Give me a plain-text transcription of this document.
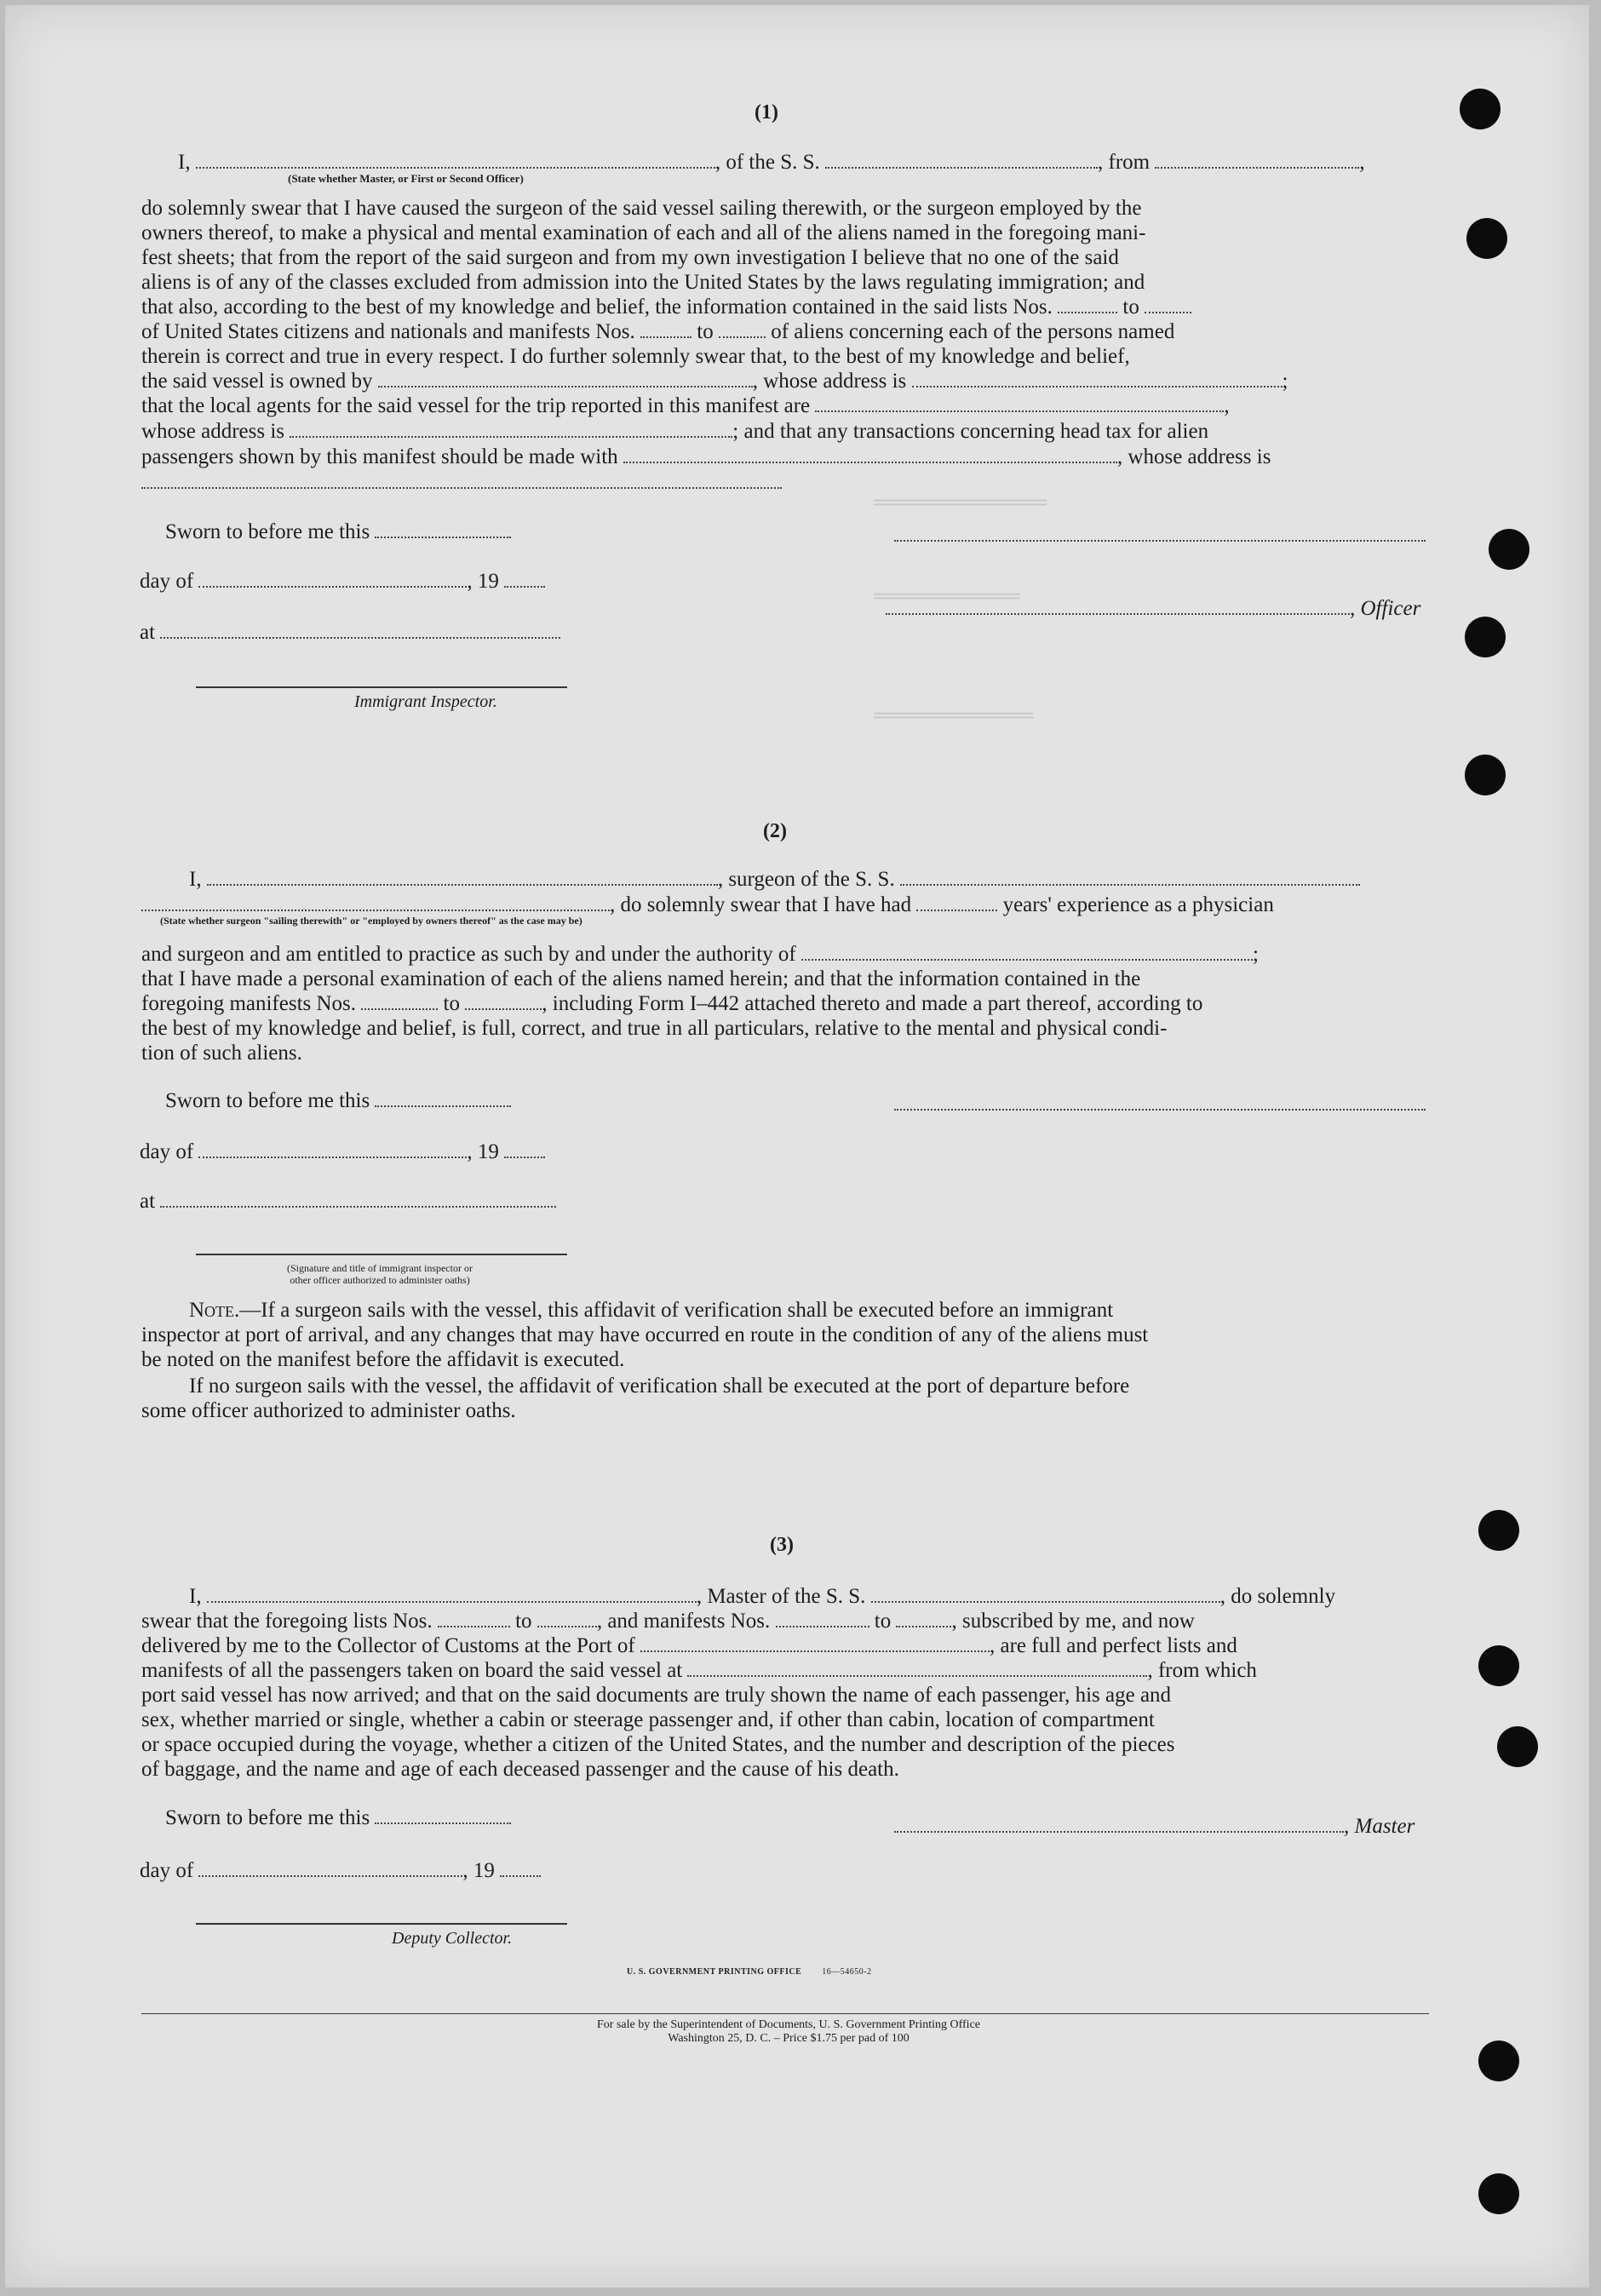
═════════════
═══════════
════════════
(1)
I,	, of the S. S.	, from	,
(State whether Master, or First or Second Officer)
do solemnly swear that I have caused the surgeon of the said vessel sailing therewith, or the surgeon employed by the
owners thereof, to make a physical and mental examination of each and all of the aliens named in the foregoing mani-
fest sheets; that from the report of the said surgeon and from my own investigation I believe that no one of the said
aliens is of any of the classes excluded from admission into the United States by the laws regulating immigration; and
that also, according to the best of my knowledge and belief, the information contained in the said lists Nos.	to
of United States citizens and nationals and manifests Nos.	to	of aliens concerning each of the persons named
therein is correct and true in every respect. I do further solemnly swear that, to the best of my knowledge and belief,
the said vessel is owned by	, whose address is	;
that the local agents for the said vessel for the trip reported in this manifest are	,
whose address is	; and that any transactions concerning head tax for alien
passengers shown by this manifest should be made with	, whose address is
Sworn to before me this
day of	, 19
, Officer
at
Immigrant Inspector.
(2)
I,	, surgeon of the S. S.
, do solemnly swear that I have had	years' experience as a physician
(State whether surgeon "sailing therewith" or "employed by owners thereof" as the case may be)
and surgeon and am entitled to practice as such by and under the authority of	;
that I have made a personal examination of each of the aliens named herein; and that the information contained in the
foregoing manifests Nos.	to	, including Form I–442 attached thereto and made a part thereof, according to
the best of my knowledge and belief, is full, correct, and true in all particulars, relative to the mental and physical condi-
tion of such aliens.
Sworn to before me this
day of	, 19
at
(Signature and title of immigrant inspector or
other officer authorized to administer oaths)
Note.—If a surgeon sails with the vessel, this affidavit of verification shall be executed before an immigrant
inspector at port of arrival, and any changes that may have occurred en route in the condition of any of the aliens must
be noted on the manifest before the affidavit is executed.
If no surgeon sails with the vessel, the affidavit of verification shall be executed at the port of departure before
some officer authorized to administer oaths.
(3)
I,	, Master of the S. S.	, do solemnly
swear that the foregoing lists Nos.	to	, and manifests Nos.	to	, subscribed by me, and now
delivered by me to the Collector of Customs at the Port of	, are full and perfect lists and
manifests of all the passengers taken on board the said vessel at	, from which
port said vessel has now arrived; and that on the said documents are truly shown the name of each passenger, his age and
sex, whether married or single, whether a cabin or steerage passenger and, if other than cabin, location of compartment
or space occupied during the voyage, whether a citizen of the United States, and the number and description of the pieces
of baggage, and the name and age of each deceased passenger and the cause of his death.
Sworn to before me this	, Master
day of	, 19
Deputy Collector.
U. S. GOVERNMENT PRINTING OFFICE 16—54650-2
For sale by the Superintendent of Documents, U. S. Government Printing Office
Washington 25, D. C. – Price $1.75 per pad of 100
